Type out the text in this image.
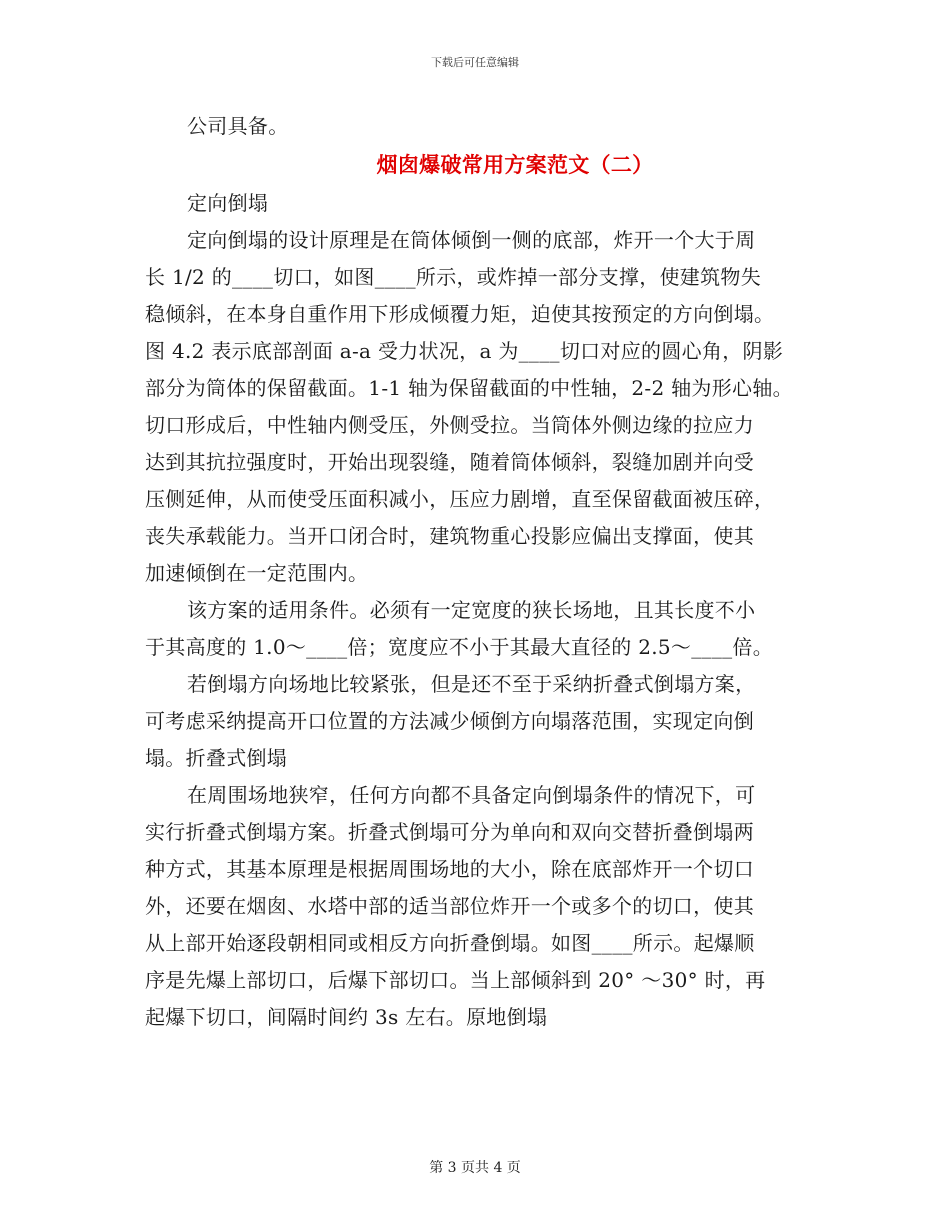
下载后可任意编辑
公司具备。
烟囱爆破常用方案范文（二）
定向倒塌
定向倒塌的设计原理是在筒体倾倒一侧的底部，炸开一个大于周
长 1/2 的____切口，如图____所示，或炸掉一部分支撑，使建筑物失
稳倾斜，在本身自重作用下形成倾覆力矩，迫使其按预定的方向倒塌。
图 4.2 表示底部剖面 a-a 受力状况，a 为____切口对应的圆心角，阴影
部分为筒体的保留截面。1-1 轴为保留截面的中性轴，2-2 轴为形心轴。
切口形成后，中性轴内侧受压，外侧受拉。当筒体外侧边缘的拉应力
达到其抗拉强度时，开始出现裂缝，随着筒体倾斜，裂缝加剧并向受
压侧延伸，从而使受压面积减小，压应力剧增，直至保留截面被压碎，
丧失承载能力。当开口闭合时，建筑物重心投影应偏出支撑面，使其
加速倾倒在一定范围内。
该方案的适用条件。必须有一定宽度的狭长场地，且其长度不小
于其高度的 1.0～____倍；宽度应不小于其最大直径的 2.5～____倍。
若倒塌方向场地比较紧张，但是还不至于采纳折叠式倒塌方案，
可考虑采纳提高开口位置的方法减少倾倒方向塌落范围，实现定向倒
塌。折叠式倒塌
在周围场地狭窄，任何方向都不具备定向倒塌条件的情况下，可
实行折叠式倒塌方案。折叠式倒塌可分为单向和双向交替折叠倒塌两
种方式，其基本原理是根据周围场地的大小，除在底部炸开一个切口
外，还要在烟囱、水塔中部的适当部位炸开一个或多个的切口，使其
从上部开始逐段朝相同或相反方向折叠倒塌。如图____所示。起爆顺
序是先爆上部切口，后爆下部切口。当上部倾斜到 20° ～30° 时，再
起爆下切口，间隔时间约 3s 左右。原地倒塌
第 3 页共 4 页
